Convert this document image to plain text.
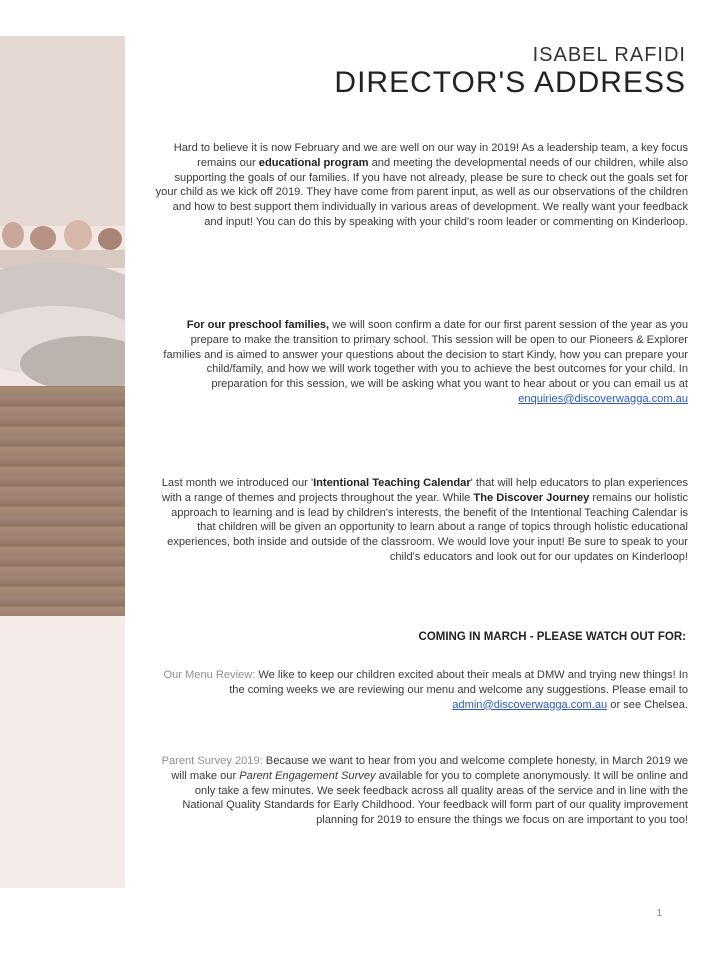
ISABEL RAFIDI

DIRECTOR'S ADDRESS

Hard to believe it is now February and we are well on our way in 2019! As a leadership team, a key focus remains our educational program and meeting the developmental needs of our children, while also supporting the goals of our families. If you have not already, please be sure to check out the goals set for your child as we kick off 2019. They have come from parent input, as well as our observations of the children and how to best support them individually in various areas of development. We really want your feedback and input! You can do this by speaking with your child's room leader or commenting on Kinderloop.

For our preschool families, we will soon confirm a date for our first parent session of the year as you prepare to make the transition to primary school. This session will be open to our Pioneers & Explorer families and is aimed to answer your questions about the decision to start Kindy, how you can prepare your child/family, and how we will work together with you to achieve the best outcomes for your child. In preparation for this session, we will be asking what you want to hear about or you can email us at
enquiries@discoverwagga.com.au

Last month we introduced our 'Intentional Teaching Calendar' that will help educators to plan experiences with a range of themes and projects throughout the year. While The Discover Journey remains our holistic approach to learning and is lead by children's interests, the benefit of the Intentional Teaching Calendar is that children will be given an opportunity to learn about a range of topics through holistic educational experiences, both inside and outside of the classroom. We would love your input! Be sure to speak to your child's educators and look out for our updates on Kinderloop!

COMING IN MARCH - PLEASE WATCH OUT FOR:

Our Menu Review: We like to keep our children excited about their meals at DMW and trying new things! In the coming weeks we are reviewing our menu and welcome any suggestions. Please email to admin@discoverwagga.com.au or see Chelsea.

Parent Survey 2019: Because we want to hear from you and welcome complete honesty, in March 2019 we will make our Parent Engagement Survey available for you to complete anonymously. It will be online and only take a few minutes. We seek feedback across all quality areas of the service and in line with the National Quality Standards for Early Childhood. Your feedback will form part of our quality improvement planning for 2019 to ensure the things we focus on are important to you too!

1
